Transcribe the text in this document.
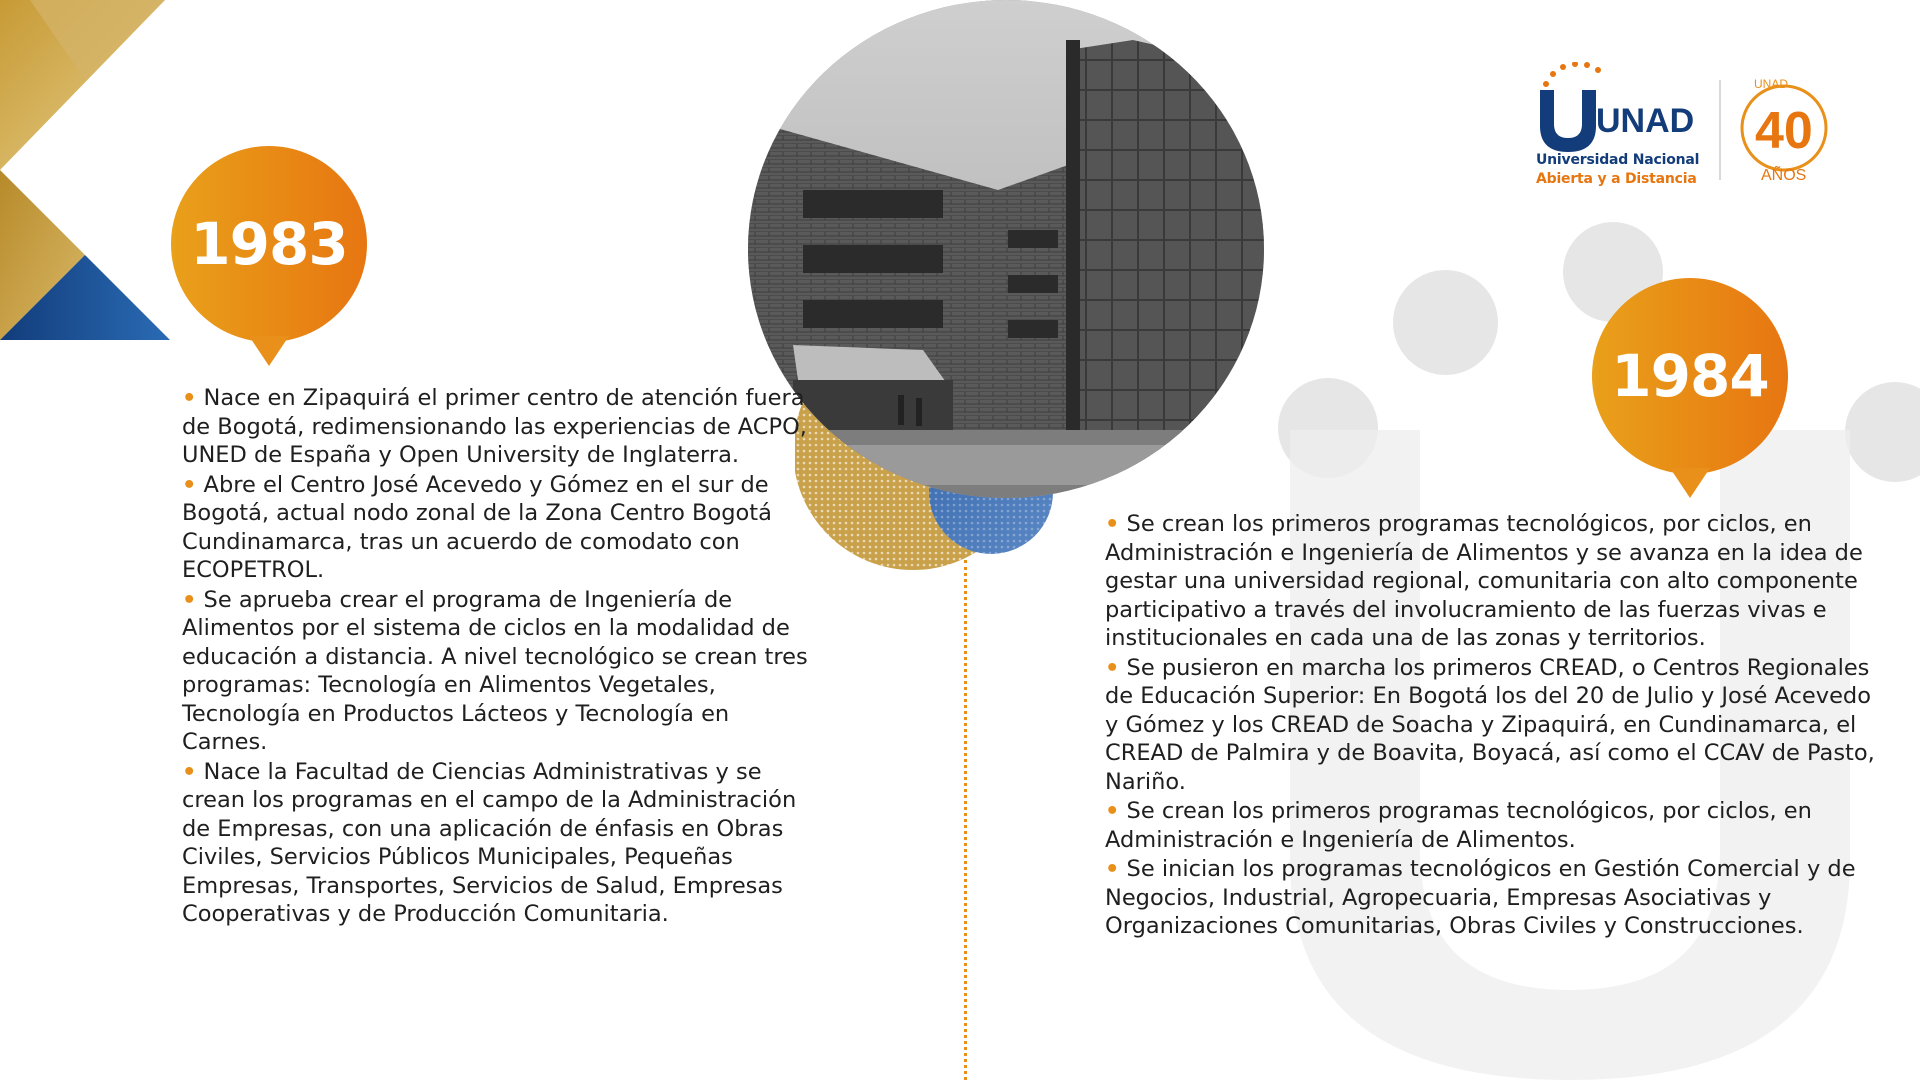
1983
1984
• Nace en Zipaquirá el primer centro de atención fuera de Bogotá, redimensionando las experiencias de ACPO, UNED de España y Open University de Inglaterra.
• Abre el Centro José Acevedo y Gómez en el sur de Bogotá, actual nodo zonal de la Zona Centro Bogotá Cundinamarca, tras un acuerdo de comodato con ECOPETROL.
• Se aprueba crear el programa de Ingeniería de Alimentos por el sistema de ciclos en la modalidad de educación a distancia. A nivel tecnológico se crean tres programas: Tecnología en Alimentos Vegetales, Tecnología en Productos Lácteos y Tecnología en Carnes.
• Nace la Facultad de Ciencias Administrativas y se crean los programas en el campo de la Administración de Empresas, con una aplicación de énfasis en Obras Civiles, Servicios Públicos Municipales, Pequeñas Empresas, Transportes, Servicios de Salud, Empresas Cooperativas y de Producción Comunitaria.
• Se crean los primeros programas tecnológicos, por ciclos, en Administración e Ingeniería de Alimentos y se avanza en la idea de gestar una universidad regional, comunitaria con alto componente participativo a través del involucramiento de las fuerzas vivas e institucionales en cada una de las zonas y territorios.
• Se pusieron en marcha los primeros CREAD, o Centros Regionales de Educación Superior: En Bogotá los del 20 de Julio y José Acevedo y Gómez y los CREAD de Soacha y Zipaquirá, en Cundinamarca, el CREAD de Palmira y de Boavita, Boyacá, así como el CCAV de Pasto, Nariño.
• Se crean los primeros programas tecnológicos, por ciclos, en Administración e Ingeniería de Alimentos.
• Se inician los programas tecnológicos en Gestión Comercial y de Negocios, Industrial, Agropecuaria, Empresas Asociativas y Organizaciones Comunitarias, Obras Civiles y Construcciones.
UNAD
UNAD
40
AÑOS
Universidad Nacional
Abierta y a Distancia
